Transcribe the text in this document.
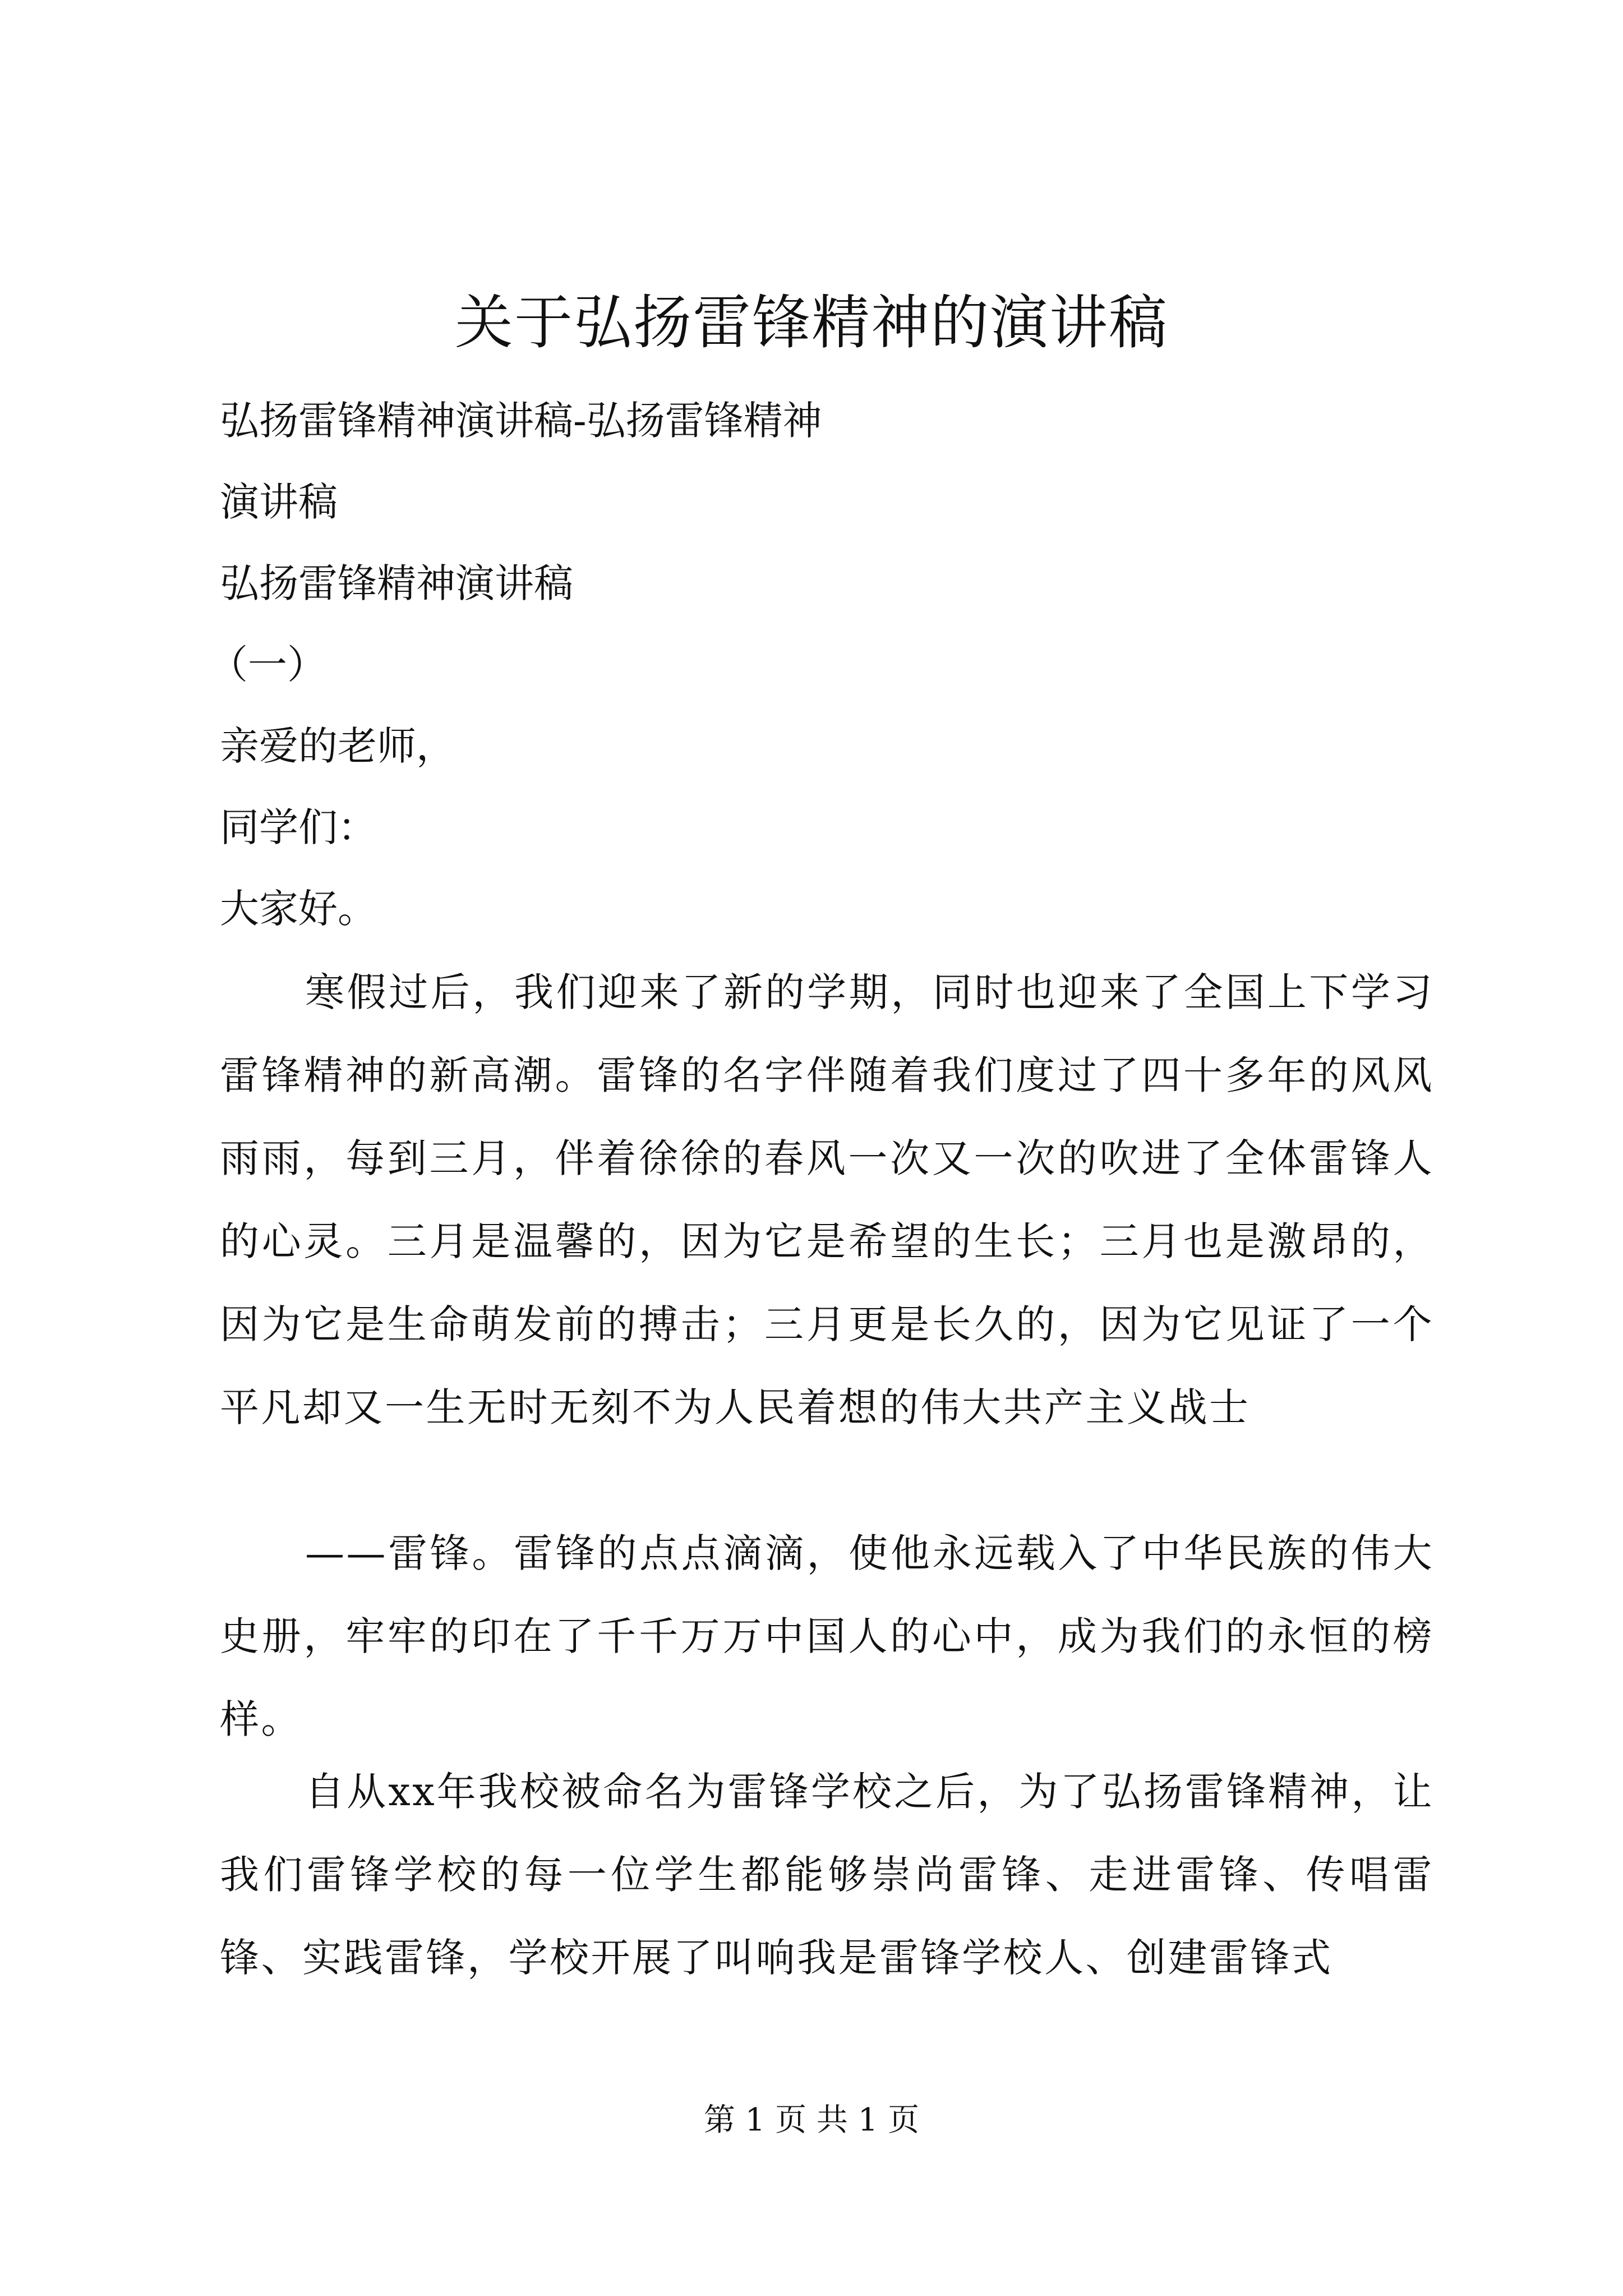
关于弘扬雷锋精神的演讲稿
弘扬雷锋精神演讲稿-弘扬雷锋精神
演讲稿
弘扬雷锋精神演讲稿
（一）
亲爱的老师，
同学们：
大家好。

寒假过后，我们迎来了新的学期，同时也迎来了全国上下学习雷锋精神的新高潮。雷锋的名字伴随着我们度过了四十多年的风风雨雨，每到三月，伴着徐徐的春风一次又一次的吹进了全体雷锋人的心灵。三月是温馨的，因为它是希望的生长；三月也是激昂的，因为它是生命萌发前的搏击；三月更是长久的，因为它见证了一个平凡却又一生无时无刻不为人民着想的伟大共产主义战士

——雷锋。雷锋的点点滴滴，使他永远载入了中华民族的伟大史册，牢牢的印在了千千万万中国人的心中，成为我们的永恒的榜样。

自从xx年我校被命名为雷锋学校之后，为了弘扬雷锋精神，让我们雷锋学校的每一位学生都能够崇尚雷锋、走进雷锋、传唱雷锋、实践雷锋，学校开展了叫响我是雷锋学校人、创建雷锋式

第 1 页 共 1 页
